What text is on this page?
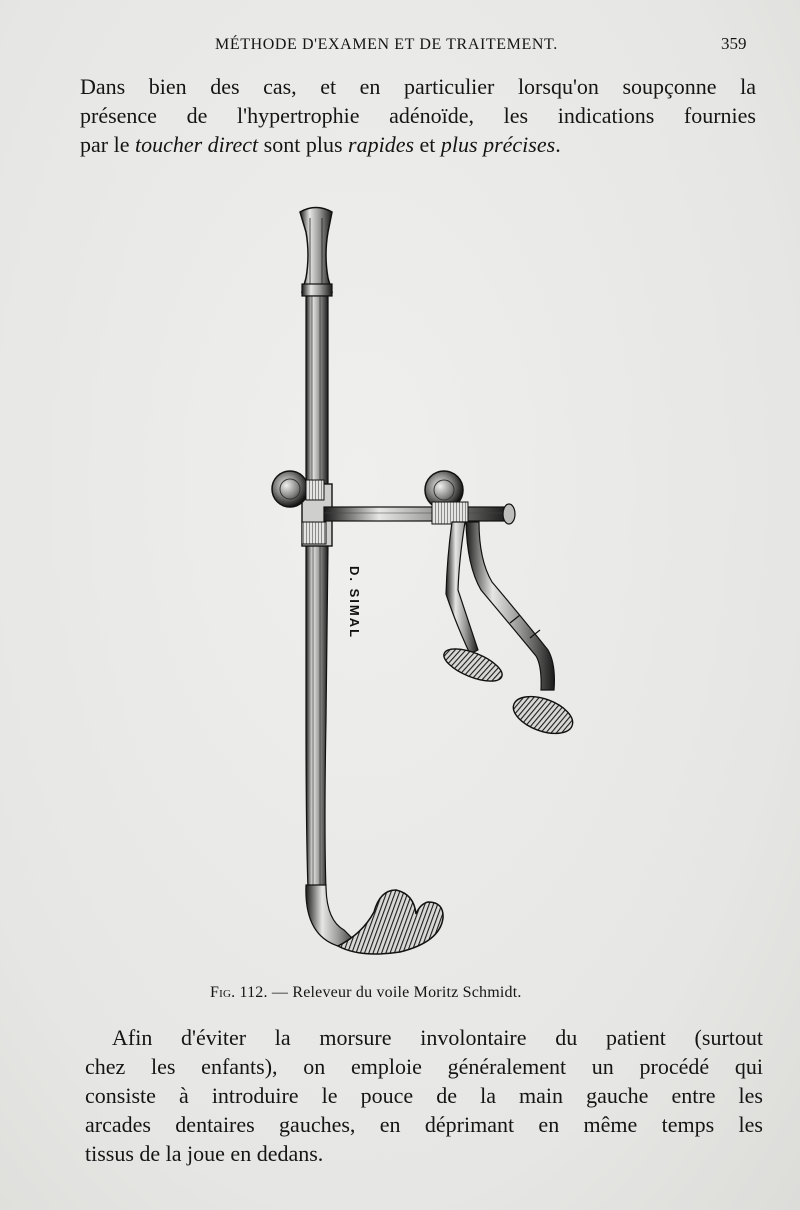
MÉTHODE D'EXAMEN ET DE TRAITEMENT.	359

Dans bien des cas, et en particulier lorsqu'on soupçonne la
présence de l'hypertrophie adénoïde, les indications fournies
par le toucher direct sont plus rapides et plus précises.

D. SIMAL
Fig. 112. — Releveur du voile Moritz Schmidt.

Afin d'éviter la morsure involontaire du patient (surtout
chez les enfants), on emploie généralement un procédé qui
consiste à introduire le pouce de la main gauche entre les
arcades dentaires gauches, en déprimant en même temps les
tissus de la joue en dedans.
